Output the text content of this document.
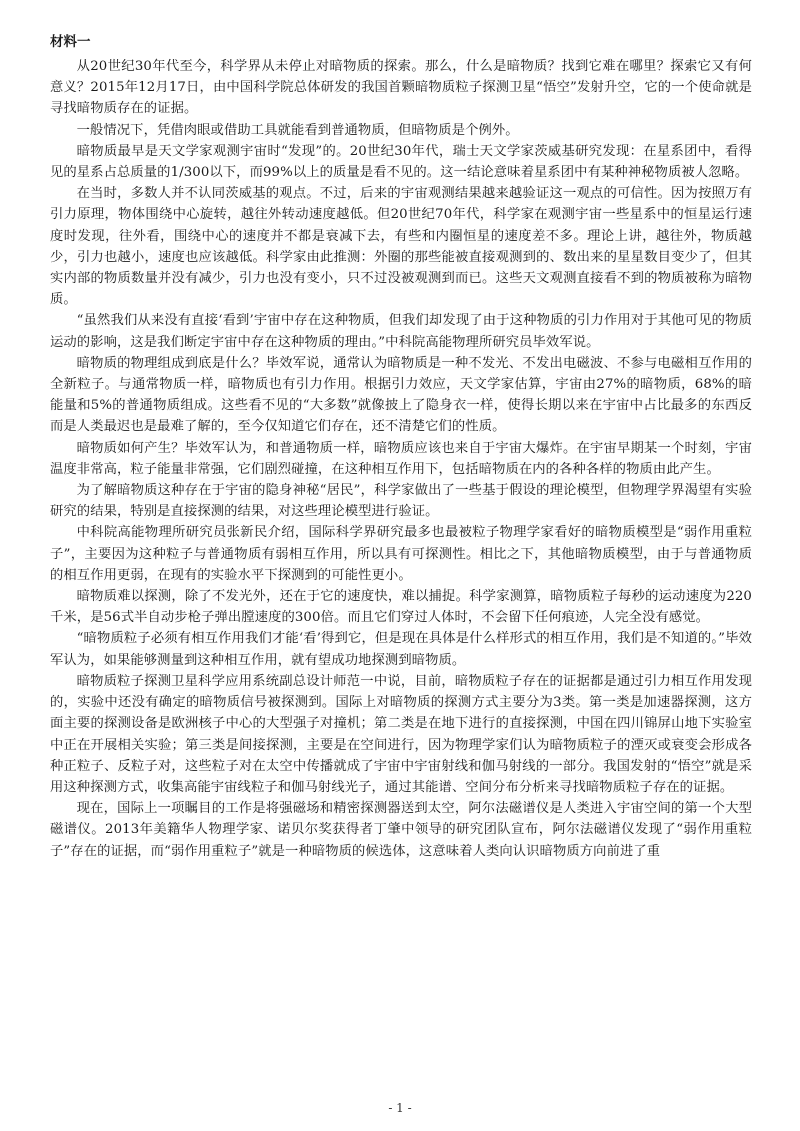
材料一

从20世纪30年代至今，科学界从未停止对暗物质的探索。那么，什么是暗物质？找到它难在哪里？探索它又有何意义？2015年12月17日，由中国科学院总体研发的我国首颗暗物质粒子探测卫星“悟空”发射升空，它的一个使命就是寻找暗物质存在的证据。

一般情况下，凭借肉眼或借助工具就能看到普通物质，但暗物质是个例外。

暗物质最早是天文学家观测宇宙时“发现”的。20世纪30年代，瑞士天文学家茨威基研究发现：在星系团中，看得见的星系占总质量的1/300以下，而99%以上的质量是看不见的。这一结论意味着星系团中有某种神秘物质被人忽略。

在当时，多数人并不认同茨威基的观点。不过，后来的宇宙观测结果越来越验证这一观点的可信性。因为按照万有引力原理，物体围绕中心旋转，越往外转动速度越低。但20世纪70年代，科学家在观测宇宙一些星系中的恒星运行速度时发现，往外看，围绕中心的速度并不都是衰减下去，有些和内圈恒星的速度差不多。理论上讲，越往外，物质越少，引力也越小，速度也应该越低。科学家由此推测：外圈的那些能被直接观测到的、数出来的星星数目变少了，但其实内部的物质数量并没有减少，引力也没有变小，只不过没被观测到而已。这些天文观测直接看不到的物质被称为暗物质。

“虽然我们从来没有直接‘看到’宇宙中存在这种物质，但我们却发现了由于这种物质的引力作用对于其他可见的物质运动的影响，这是我们断定宇宙中存在这种物质的理由。”中科院高能物理所研究员毕效军说。

暗物质的物理组成到底是什么？毕效军说，通常认为暗物质是一种不发光、不发出电磁波、不参与电磁相互作用的全新粒子。与通常物质一样，暗物质也有引力作用。根据引力效应，天文学家估算，宇宙由27%的暗物质，68%的暗能量和5%的普通物质组成。这些看不见的“大多数”就像披上了隐身衣一样，使得长期以来在宇宙中占比最多的东西反而是人类最迟也是最难了解的，至今仅知道它们存在，还不清楚它们的性质。

暗物质如何产生？毕效军认为，和普通物质一样，暗物质应该也来自于宇宙大爆炸。在宇宙早期某一个时刻，宇宙温度非常高，粒子能量非常强，它们剧烈碰撞，在这种相互作用下，包括暗物质在内的各种各样的物质由此产生。

为了解暗物质这种存在于宇宙的隐身神秘“居民”，科学家做出了一些基于假设的理论模型，但物理学界渴望有实验研究的结果，特别是直接探测的结果，对这些理论模型进行验证。

中科院高能物理所研究员张新民介绍，国际科学界研究最多也最被粒子物理学家看好的暗物质模型是“弱作用重粒子”，主要因为这种粒子与普通物质有弱相互作用，所以具有可探测性。相比之下，其他暗物质模型，由于与普通物质的相互作用更弱，在现有的实验水平下探测到的可能性更小。

暗物质难以探测，除了不发光外，还在于它的速度快，难以捕捉。科学家测算，暗物质粒子每秒的运动速度为220千米，是56式半自动步枪子弹出膛速度的300倍。而且它们穿过人体时，不会留下任何痕迹，人完全没有感觉。

“暗物质粒子必须有相互作用我们才能‘看’得到它，但是现在具体是什么样形式的相互作用，我们是不知道的。”毕效军认为，如果能够测量到这种相互作用，就有望成功地探测到暗物质。

暗物质粒子探测卫星科学应用系统副总设计师范一中说，目前，暗物质粒子存在的证据都是通过引力相互作用发现的，实验中还没有确定的暗物质信号被探测到。国际上对暗物质的探测方式主要分为3类。第一类是加速器探测，这方面主要的探测设备是欧洲核子中心的大型强子对撞机；第二类是在地下进行的直接探测，中国在四川锦屏山地下实验室中正在开展相关实验；第三类是间接探测，主要是在空间进行，因为物理学家们认为暗物质粒子的湮灭或衰变会形成各种正粒子、反粒子对，这些粒子对在太空中传播就成了宇宙中宇宙射线和伽马射线的一部分。我国发射的“悟空”就是采用这种探测方式，收集高能宇宙线粒子和伽马射线光子，通过其能谱、空间分布分析来寻找暗物质粒子存在的证据。

现在，国际上一项瞩目的工作是将强磁场和精密探测器送到太空，阿尔法磁谱仪是人类进入宇宙空间的第一个大型磁谱仪。2013年美籍华人物理学家、诺贝尔奖获得者丁肇中领导的研究团队宣布，阿尔法磁谱仪发现了“弱作用重粒子”存在的证据，而“弱作用重粒子”就是一种暗物质的候选体，这意味着人类向认识暗物质方向前进了重

- 1 -
